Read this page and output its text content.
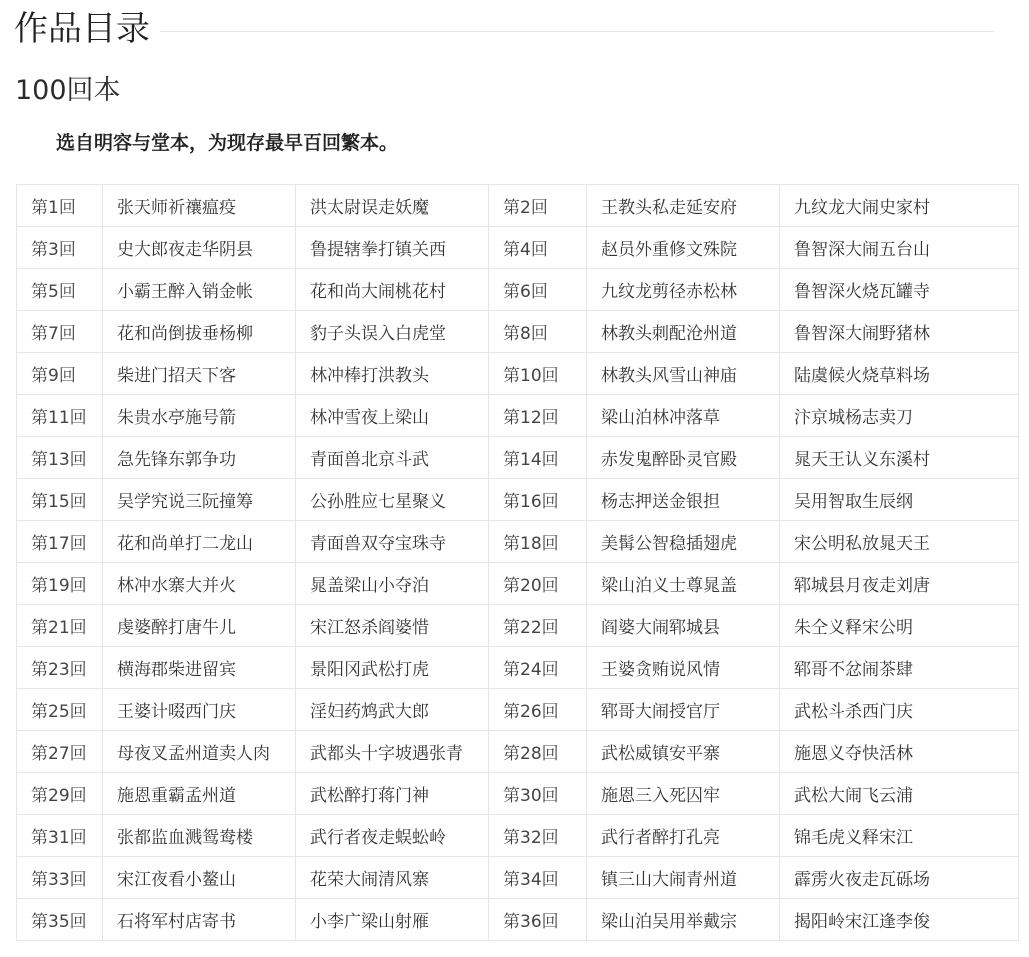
作品目录
100回本

选自明容与堂本，为现存最早百回繁本。

第1回	张天师祈禳瘟疫	洪太尉误走妖魔	第2回	王教头私走延安府	九纹龙大闹史家村
第3回	史大郎夜走华阴县	鲁提辖拳打镇关西	第4回	赵员外重修文殊院	鲁智深大闹五台山
第5回	小霸王醉入销金帐	花和尚大闹桃花村	第6回	九纹龙剪径赤松林	鲁智深火烧瓦罐寺
第7回	花和尚倒拔垂杨柳	豹子头误入白虎堂	第8回	林教头刺配沧州道	鲁智深大闹野猪林
第9回	柴进门招天下客	林冲棒打洪教头	第10回	林教头风雪山神庙	陆虞候火烧草料场
第11回	朱贵水亭施号箭	林冲雪夜上梁山	第12回	梁山泊林冲落草	汴京城杨志卖刀
第13回	急先锋东郭争功	青面兽北京斗武	第14回	赤发鬼醉卧灵官殿	晁天王认义东溪村
第15回	吴学究说三阮撞筹	公孙胜应七星聚义	第16回	杨志押送金银担	吴用智取生辰纲
第17回	花和尚单打二龙山	青面兽双夺宝珠寺	第18回	美髯公智稳插翅虎	宋公明私放晁天王
第19回	林冲水寨大并火	晁盖梁山小夺泊	第20回	梁山泊义士尊晁盖	郓城县月夜走刘唐
第21回	虔婆醉打唐牛儿	宋江怒杀阎婆惜	第22回	阎婆大闹郓城县	朱仝义释宋公明
第23回	横海郡柴进留宾	景阳冈武松打虎	第24回	王婆贪贿说风情	郓哥不忿闹茶肆
第25回	王婆计啜西门庆	淫妇药鸩武大郎	第26回	郓哥大闹授官厅	武松斗杀西门庆
第27回	母夜叉孟州道卖人肉	武都头十字坡遇张青	第28回	武松威镇安平寨	施恩义夺快活林
第29回	施恩重霸孟州道	武松醉打蒋门神	第30回	施恩三入死囚牢	武松大闹飞云浦
第31回	张都监血溅鸳鸯楼	武行者夜走蜈蚣岭	第32回	武行者醉打孔亮	锦毛虎义释宋江
第33回	宋江夜看小鳌山	花荣大闹清风寨	第34回	镇三山大闹青州道	霹雳火夜走瓦砾场
第35回	石将军村店寄书	小李广梁山射雁	第36回	梁山泊吴用举戴宗	揭阳岭宋江逢李俊
